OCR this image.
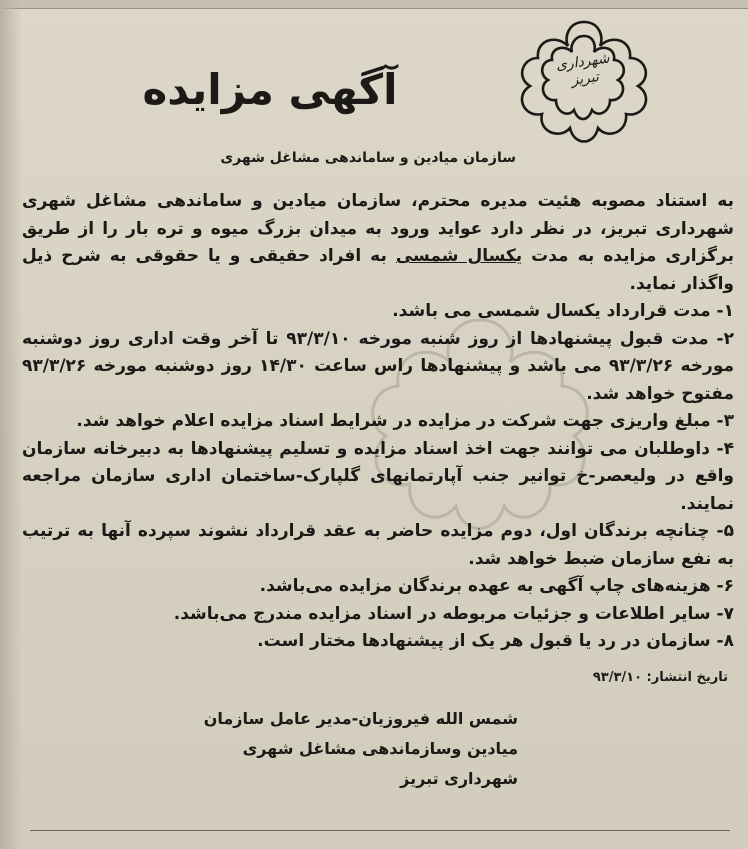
شهرداری
تبریز
آگهی مزایده
سازمان میادین و ساماندهی مشاغل شهری

به استناد مصوبه هئیت مدیره محترم، سازمان میادین و ساماندهی مشاغل شهری شهرداری تبریز، در نظر دارد عواید ورود به میدان بزرگ میوه و تره بار را از طریق برگزاری مزایده به مدت یکسال شمسی به افراد حقیقی و یا حقوقی به شرح ذیل واگذار نماید.

۱- مدت قرارداد یکسال شمسی می باشد.
۲- مدت قبول پیشنهادها از روز شنبه مورخه ۹۳/۳/۱۰ تا آخر وقت اداری روز دوشنبه مورخه ۹۳/۳/۲۶ می باشد و پیشنهادها راس ساعت ۱۴/۳۰ روز دوشنبه مورخه ۹۳/۳/۲۶ مفتوح خواهد شد.
۳- مبلغ واریزی جهت شرکت در مزایده در شرایط اسناد مزایده اعلام خواهد شد.
۴- داوطلبان می توانند جهت اخذ اسناد مزایده و تسلیم پیشنهادها به دبیرخانه سازمان واقع در ولیعصر-خ توانیر جنب آپارتمانهای گلپارک-ساختمان اداری سازمان مراجعه نمایند.
۵- چنانچه برندگان اول، دوم مزایده حاضر به عقد قرارداد نشوند سپرده آنها به ترتیب به نفع سازمان ضبط خواهد شد.
۶- هزینه‌های چاپ آگهی به عهده برندگان مزایده می‌باشد.
۷- سایر اطلاعات و جزئیات مربوطه در اسناد مزایده مندرج می‌باشد.
۸- سازمان در رد یا قبول هر یک از پیشنهادها مختار است.
تاریخ انتشار: ۹۳/۳/۱۰
شمس الله فیروزیان-مدیر عامل سازمان
میادین وسازماندهی مشاغل شهری
شهرداری تبریز
